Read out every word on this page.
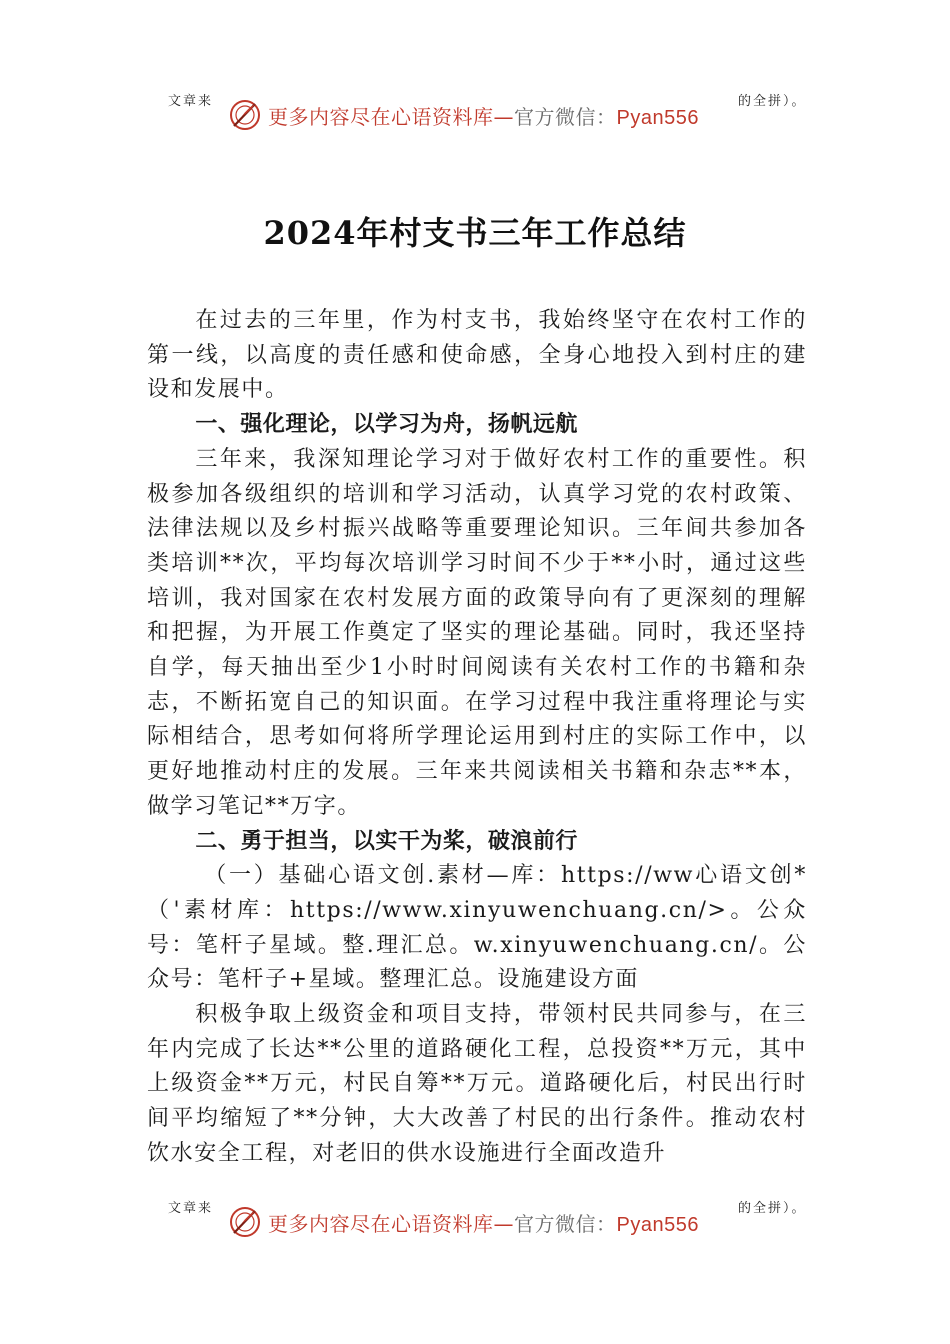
文章来
更多内容尽在心语资料库—官方微信：Pyan556
的全拼）。
2024年村支书三年工作总结

在过去的三年里，作为村支书，我始终坚守在农村工作的第一线，以高度的责任感和使命感，全身心地投入到村庄的建设和发展中。

一、强化理论，以学习为舟，扬帆远航

三年来，我深知理论学习对于做好农村工作的重要性。积极参加各级组织的培训和学习活动，认真学习党的农村政策、法律法规以及乡村振兴战略等重要理论知识。三年间共参加各类培训**次，平均每次培训学习时间不少于**小时，通过这些培训，我对国家在农村发展方面的政策导向有了更深刻的理解和把握，为开展工作奠定了坚实的理论基础。同时，我还坚持自学，每天抽出至少1小时时间阅读有关农村工作的书籍和杂志，不断拓宽自己的知识面。在学习过程中我注重将理论与实际相结合，思考如何将所学理论运用到村庄的实际工作中，以更好地推动村庄的发展。三年来共阅读相关书籍和杂志**本，做学习笔记**万字。

二、勇于担当，以实干为桨，破浪前行

（一）基础心语文创.素材—库：https://ww心语文创*（'素材库：https://www.xinyuwenchuang.cn/>。公众号：笔杆子星域。整.理汇总。w.xinyuwenchuang.cn/。公众号：笔杆子+星域。整理汇总。设施建设方面

积极争取上级资金和项目支持，带领村民共同参与，在三年内完成了长达**公里的道路硬化工程，总投资**万元，其中上级资金**万元，村民自筹**万元。道路硬化后，村民出行时间平均缩短了**分钟，大大改善了村民的出行条件。推动农村饮水安全工程，对老旧的供水设施进行全面改造升

文章来
更多内容尽在心语资料库—官方微信：Pyan556
的全拼）。
